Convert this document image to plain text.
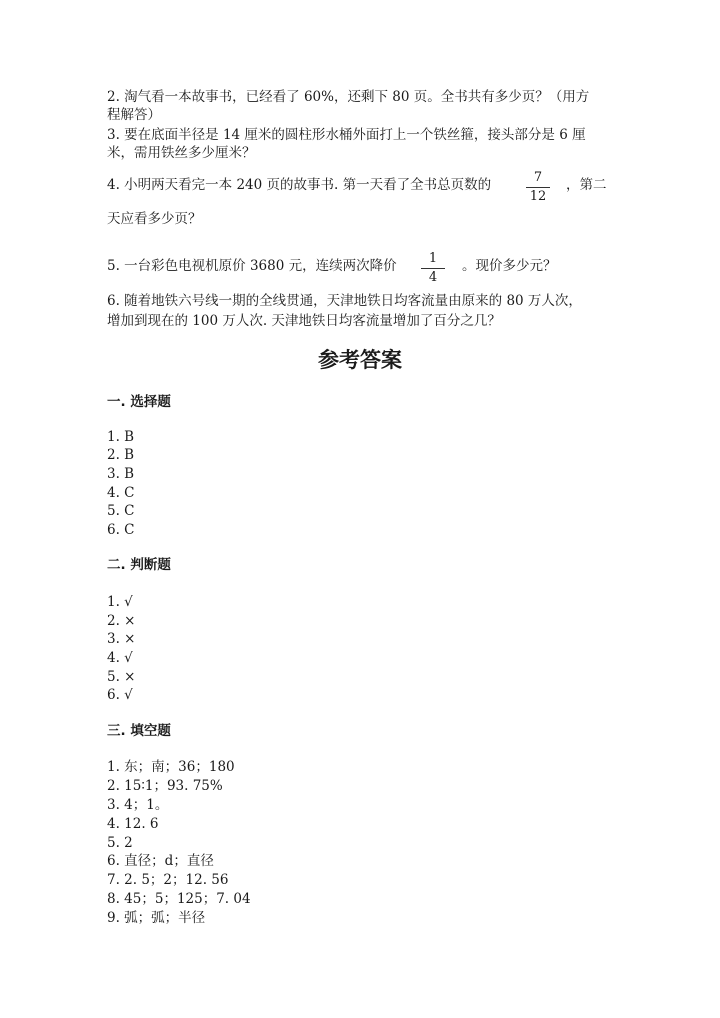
2. 淘气看一本故事书，已经看了 60%，还剩下 80 页。全书共有多少页？（用方
程解答）
3. 要在底面半径是 14 厘米的圆柱形水桶外面打上一个铁丝箍，接头部分是 6 厘
米，需用铁丝多少厘米？
4. 小明两天看完一本 240 页的故事书. 第一天看了全书总页数的	$\frac{7}{12}$ ，第二
天应看多少页？
5. 一台彩色电视机原价 3680 元，连续两次降价 $\frac{1}{4}$ 。现价多少元？
6. 随着地铁六号线一期的全线贯通，天津地铁日均客流量由原来的 80 万人次，
增加到现在的 100 万人次. 天津地铁日均客流量增加了百分之几？
参考答案
一. 选择题
1. B
2. B
3. B
4. C
5. C
6. C
二. 判断题
1. √
2. ×
3. ×
4. √
5. ×
6. √
三. 填空题
1. 东；南；36；180
2. 15∶1；93. 75%
3. 4；1。
4. 12. 6
5. 2
6. 直径；d；直径
7. 2. 5；2；12. 56
8. 45；5；125；7. 04
9. 弧；弧；半径
